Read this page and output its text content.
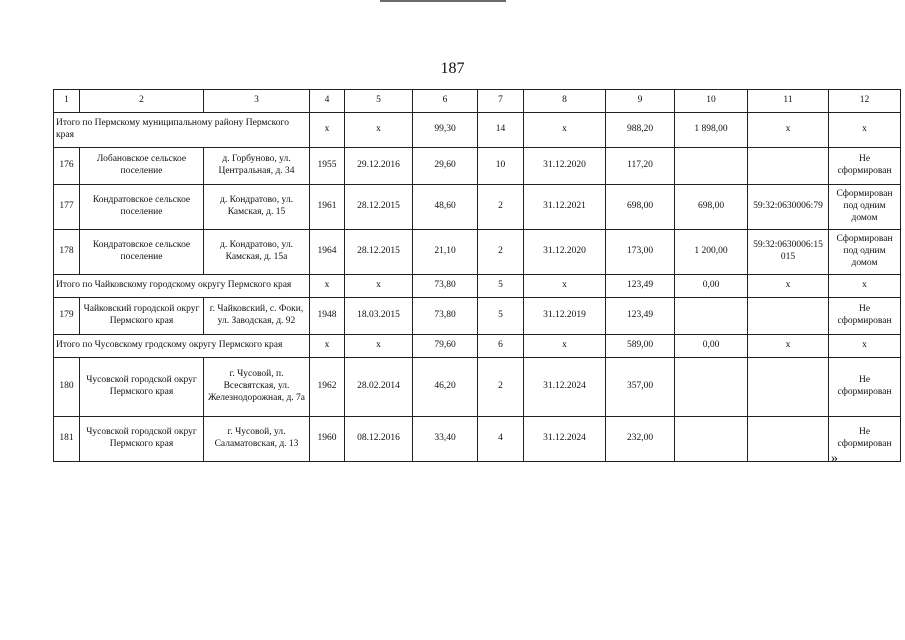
187
1	2	3	4	5	6	7	8	9	10	11	12
Итого по Пермскому муниципальному району Пермского края			х	х	99,30	14	х	988,20	1 898,00	х	х
176	Лобановское сельское поселение	д. Горбуново, ул. Центральная, д. 34	1955	29.12.2016	29,60	10	31.12.2020	117,20			Не сформирован
177	Кондратовское сельское поселение	д. Кондратово, ул. Камская, д. 15	1961	28.12.2015	48,60	2	31.12.2021	698,00	698,00	59:32:0630006:79	Сформирован под одним домом
178	Кондратовское сельское поселение	д. Кондратово, ул. Камская, д. 15а	1964	28.12.2015	21,10	2	31.12.2020	173,00	1 200,00	59:32:0630006:15 015	Сформирован под одним домом
Итого по Чайковскому городскому округу Пермского края			х	х	73,80	5	х	123,49	0,00	х	х
179	Чайковский городской округ Пермского края	г. Чайковский, с. Фоки, ул. Заводская, д. 92	1948	18.03.2015	73,80	5	31.12.2019	123,49			Не сформирован
Итого по Чусовскому гродскому округу Пермского края			х	х	79,60	6	х	589,00	0,00	х	х
180	Чусовской городской округ Пермского края	г. Чусовой, п. Всесвятская, ул. Железнодорожная, д. 7а	1962	28.02.2014	46,20	2	31.12.2024	357,00			Не сформирован
181	Чусовской городской округ Пермского края	г. Чусовой, ул. Саламатовская, д. 13	1960	08.12.2016	33,40	4	31.12.2024	232,00			Не сформирован
»
